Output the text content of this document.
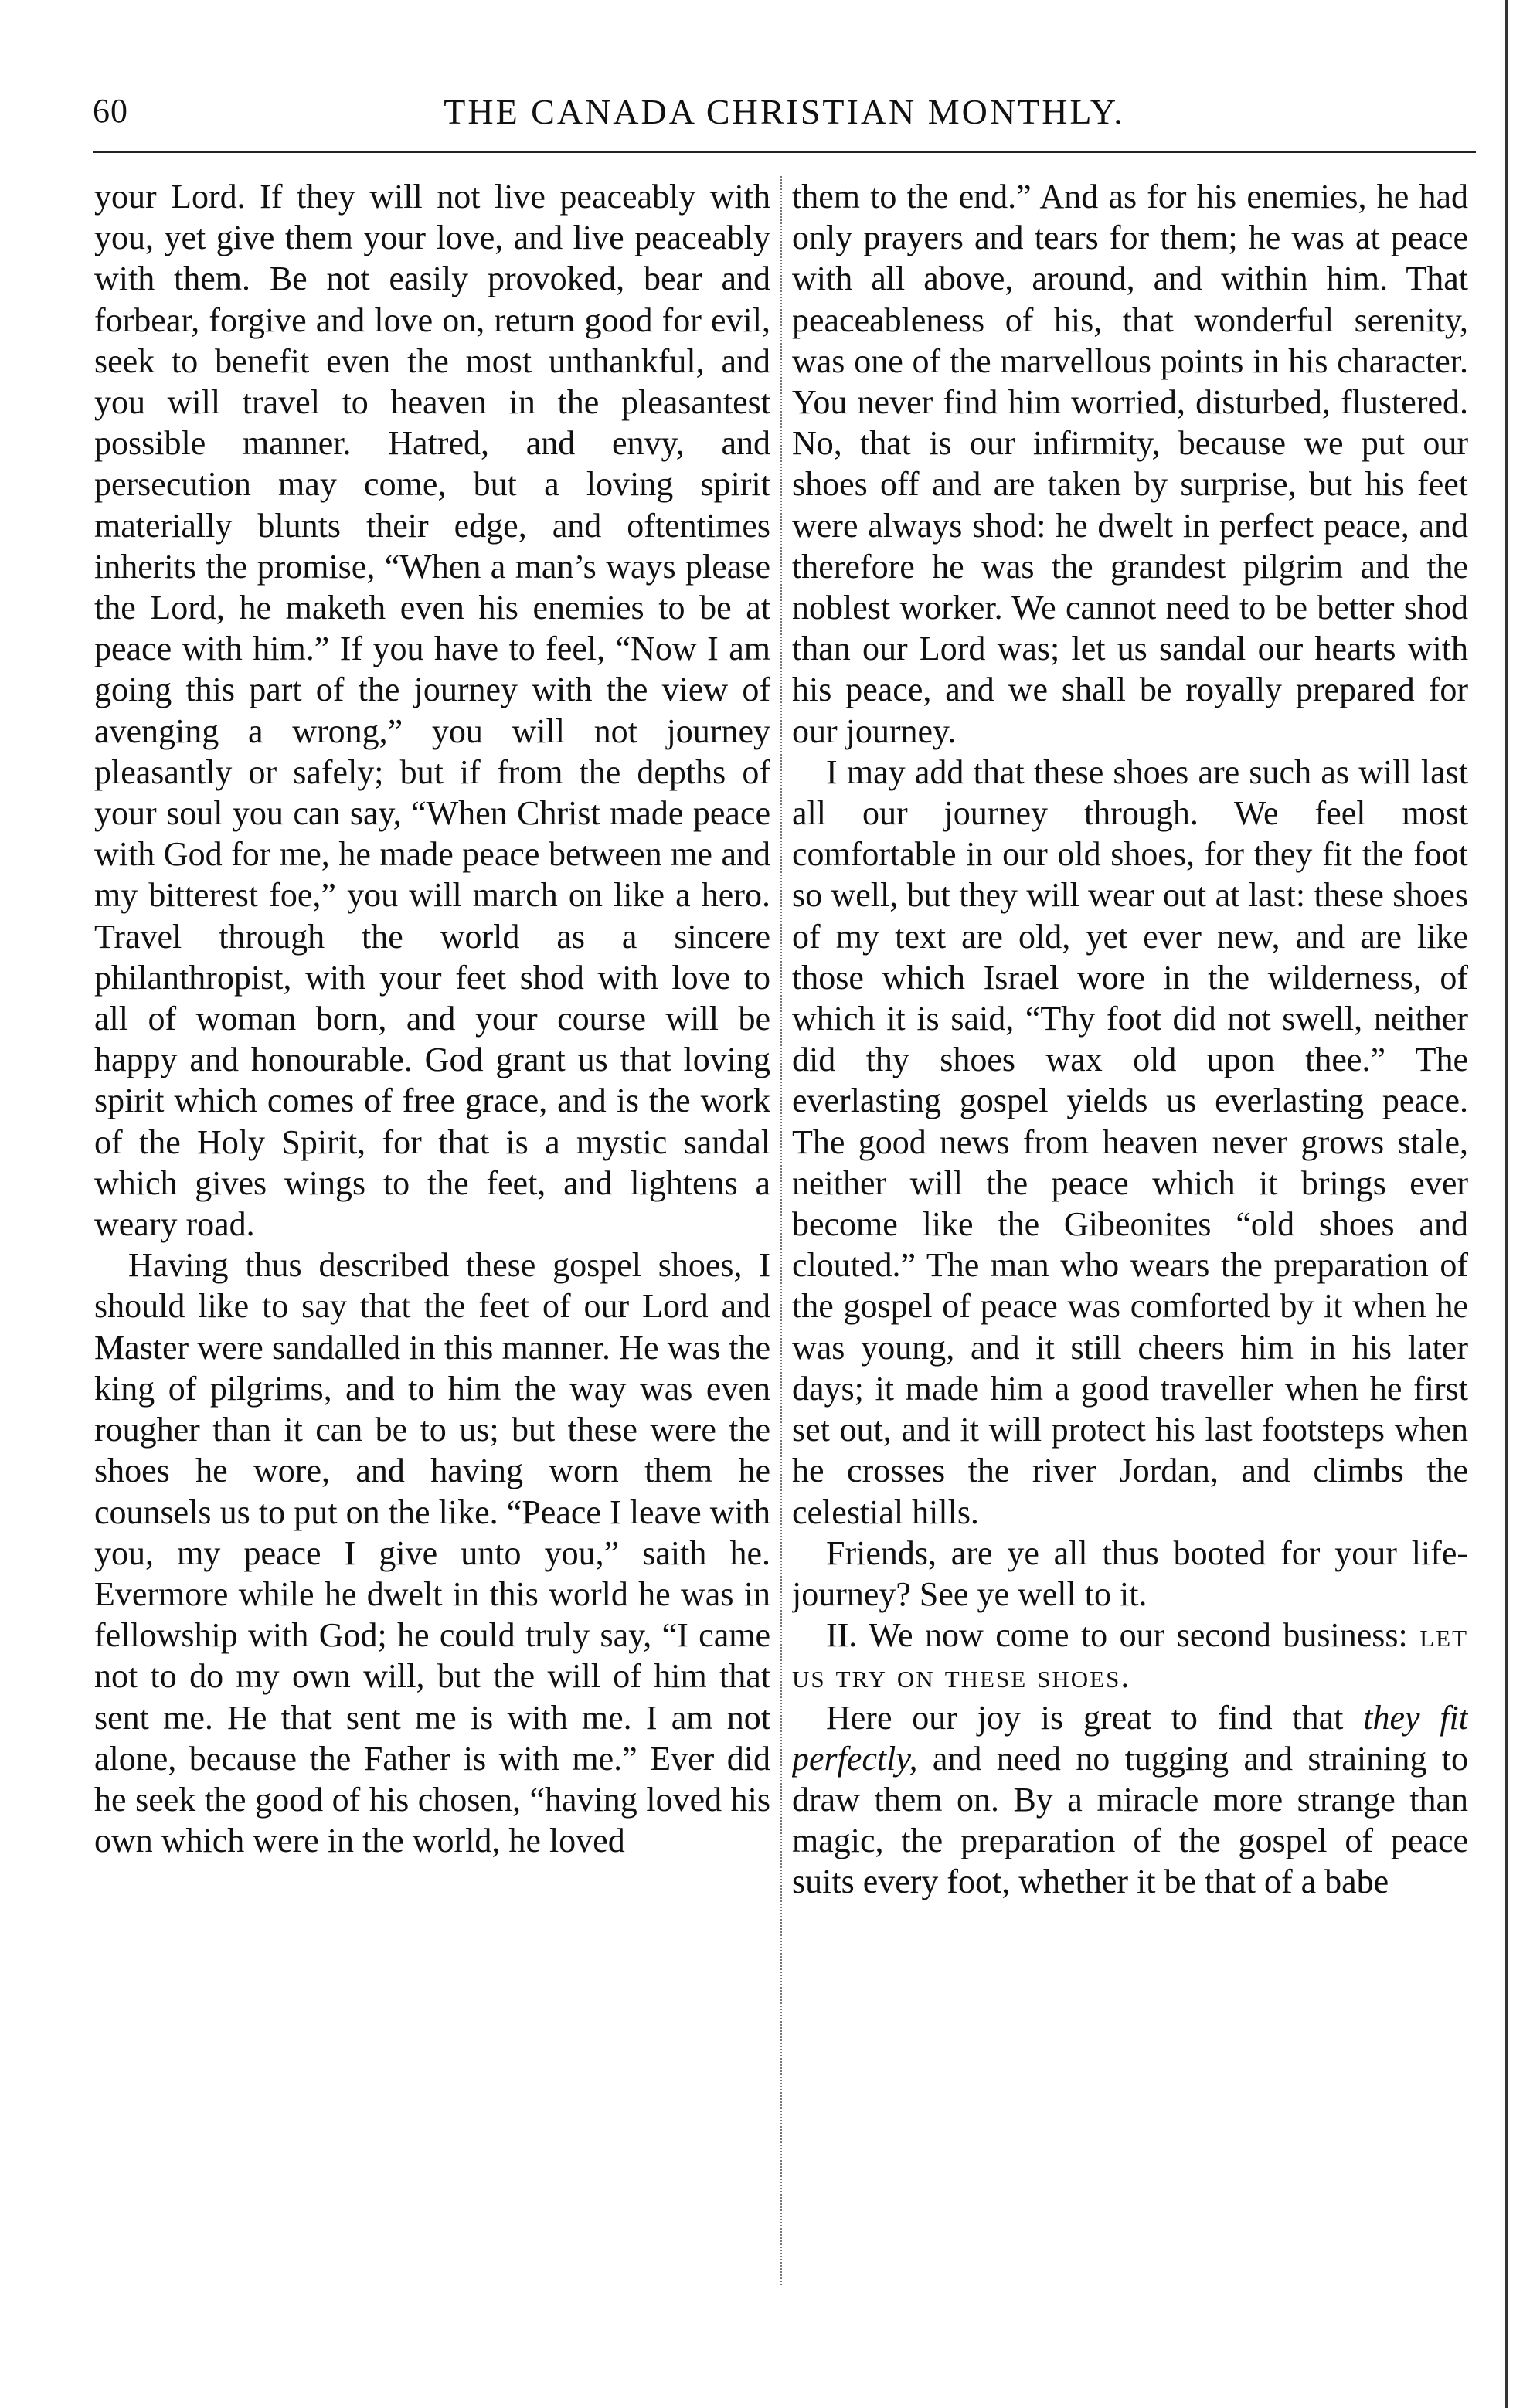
60	THE CANADA CHRISTIAN MONTHLY.

your Lord. If they will not live peaceably with you, yet give them your love, and live peaceably with them. Be not easily provoked, bear and forbear, forgive and love on, return good for evil, seek to benefit even the most unthankful, and you will travel to heaven in the pleasantest possible manner. Hatred, and envy, and persecution may come, but a loving spirit materially blunts their edge, and oftentimes inherits the promise, “When a man’s ways please the Lord, he maketh even his enemies to be at peace with him.” If you have to feel, “Now I am going this part of the journey with the view of avenging a wrong,” you will not journey pleasantly or safely; but if from the depths of your soul you can say, “When Christ made peace with God for me, he made peace between me and my bitterest foe,” you will march on like a hero. Travel through the world as a sincere philanthropist, with your feet shod with love to all of woman born, and your course will be happy and honourable. God grant us that loving spirit which comes of free grace, and is the work of the Holy Spirit, for that is a mystic sandal which gives wings to the feet, and lightens a weary road.

Having thus described these gospel shoes, I should like to say that the feet of our Lord and Master were sandalled in this manner. He was the king of pilgrims, and to him the way was even rougher than it can be to us; but these were the shoes he wore, and having worn them he counsels us to put on the like. “Peace I leave with you, my peace I give unto you,” saith he. Evermore while he dwelt in this world he was in fellowship with God; he could truly say, “I came not to do my own will, but the will of him that sent me. He that sent me is with me. I am not alone, because the Father is with me.” Ever did he seek the good of his chosen, “having loved his own which were in the world, he loved

them to the end.” And as for his enemies, he had only prayers and tears for them; he was at peace with all above, around, and within him. That peaceableness of his, that wonderful serenity, was one of the marvellous points in his character. You never find him worried, disturbed, flustered. No, that is our infirmity, because we put our shoes off and are taken by surprise, but his feet were always shod: he dwelt in perfect peace, and therefore he was the grandest pilgrim and the noblest worker. We cannot need to be better shod than our Lord was; let us sandal our hearts with his peace, and we shall be royally prepared for our journey.

I may add that these shoes are such as will last all our journey through. We feel most comfortable in our old shoes, for they fit the foot so well, but they will wear out at last: these shoes of my text are old, yet ever new, and are like those which Israel wore in the wilderness, of which it is said, “Thy foot did not swell, neither did thy shoes wax old upon thee.” The everlasting gospel yields us everlasting peace. The good news from heaven never grows stale, neither will the peace which it brings ever become like the Gibeonites “old shoes and clouted.” The man who wears the preparation of the gospel of peace was comforted by it when he was young, and it still cheers him in his later days; it made him a good traveller when he first set out, and it will protect his last footsteps when he crosses the river Jordan, and climbs the celestial hills.

Friends, are ye all thus booted for your life-journey? See ye well to it.

II. We now come to our second business: let us try on these shoes.

Here our joy is great to find that they fit perfectly, and need no tugging and straining to draw them on. By a miracle more strange than magic, the preparation of the gospel of peace suits every foot, whether it be that of a babe
